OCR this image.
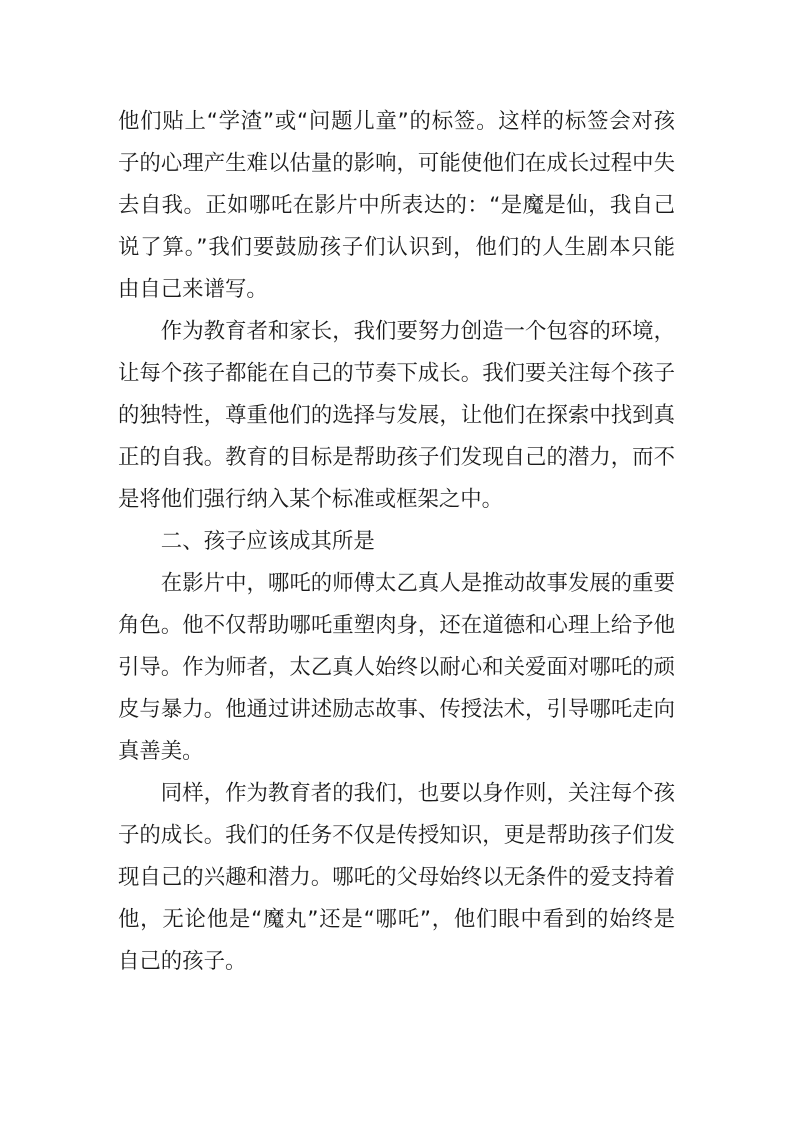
他们贴上“学渣”或“问题儿童”的标签。这样的标签会对孩
子的心理产生难以估量的影响，可能使他们在成长过程中失
去自我。正如哪吒在影片中所表达的：“是魔是仙，我自己
说了算。”我们要鼓励孩子们认识到，他们的人生剧本只能
由自己来谱写。
作为教育者和家长，我们要努力创造一个包容的环境，
让每个孩子都能在自己的节奏下成长。我们要关注每个孩子
的独特性，尊重他们的选择与发展，让他们在探索中找到真
正的自我。教育的目标是帮助孩子们发现自己的潜力，而不
是将他们强行纳入某个标准或框架之中。
二、孩子应该成其所是
在影片中，哪吒的师傅太乙真人是推动故事发展的重要
角色。他不仅帮助哪吒重塑肉身，还在道德和心理上给予他
引导。作为师者，太乙真人始终以耐心和关爱面对哪吒的顽
皮与暴力。他通过讲述励志故事、传授法术，引导哪吒走向
真善美。
同样，作为教育者的我们，也要以身作则，关注每个孩
子的成长。我们的任务不仅是传授知识，更是帮助孩子们发
现自己的兴趣和潜力。哪吒的父母始终以无条件的爱支持着
他，无论他是“魔丸”还是“哪吒”，他们眼中看到的始终是
自己的孩子。
